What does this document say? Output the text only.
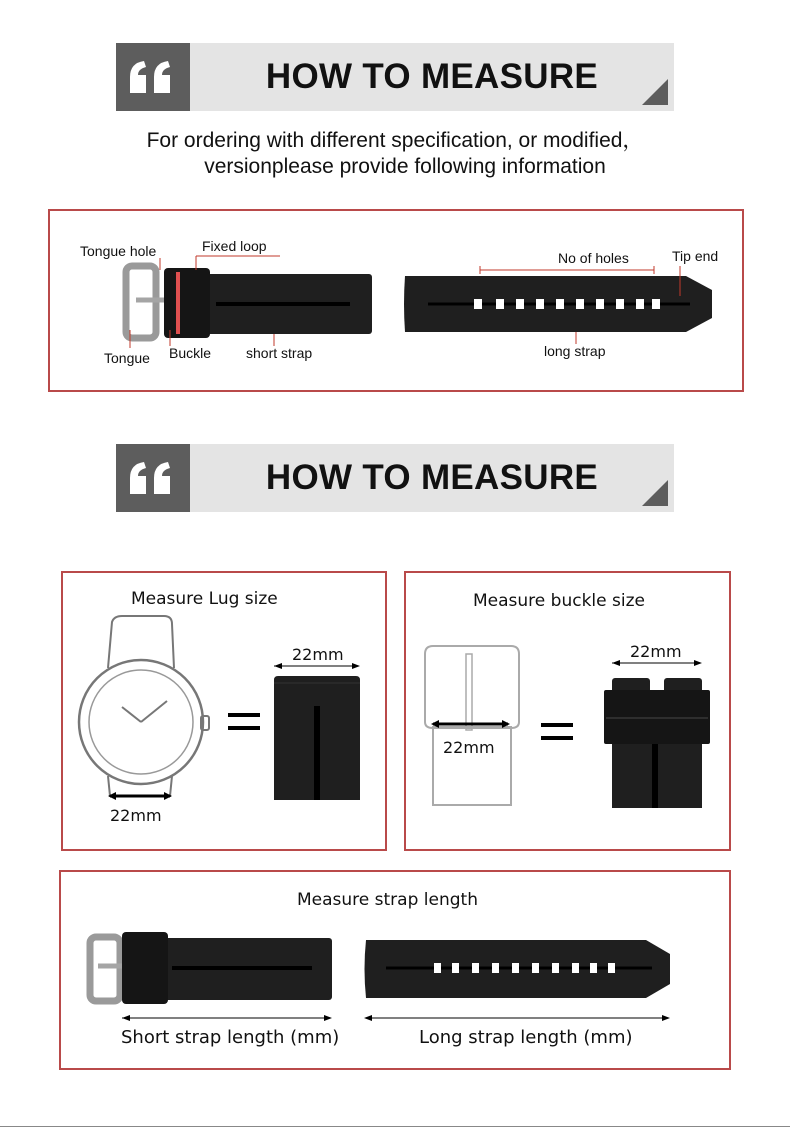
HOW TO MEASURE
For ordering with different specification, or modified，
versionplease provide following information
Tongue hole	Fixed loop
Tongue Buckle short strap
No of holes	Tip end
long strap
HOW TO MEASURE
Measure Lug size
22mm
22mm
Measure buckle size
22mm
22mm
Measure strap length
Short strap length (mm)	Long strap length (mm)
